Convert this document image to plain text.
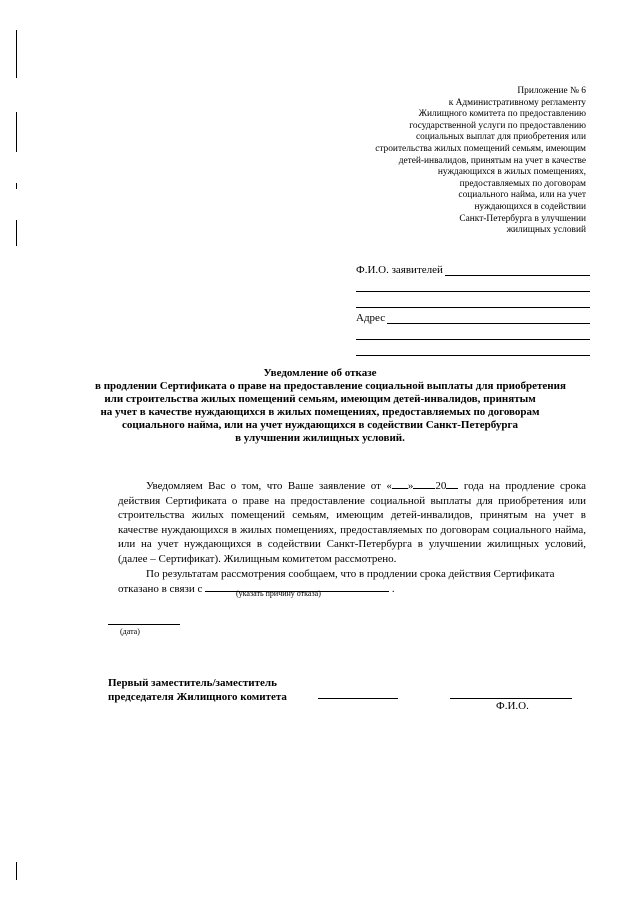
Приложение № 6
к Административному регламенту
Жилищного комитета по предоставлению
государственной услуги по предоставлению
социальных выплат для приобретения или
строительства жилых помещений семьям, имеющим
детей-инвалидов, принятым на учет в качестве
нуждающихся в жилых помещениях,
предоставляемых по договорам
социального найма, или на учет
нуждающихся в содействии
Санкт-Петербурга в улучшении
жилищных условий
Ф.И.О. заявителей
Адрес
Уведомление об отказе
в продлении Сертификата о праве на предоставление социальной выплаты для приобретения
или строительства жилых помещений семьям, имеющим детей-инвалидов, принятым
на учет в качестве нуждающихся в жилых помещениях, предоставляемых по договорам
социального найма, или на учет нуждающихся в содействии Санкт-Петербурга
в улучшении жилищных условий.

Уведомляем Вас о том, что Ваше заявление от « » 20 года на продление срока действия Сертификата о праве на предоставление социальной выплаты для приобретения или строительства жилых помещений семьям, имеющим детей-инвалидов, принятым на учет в качестве нуждающихся в жилых помещениях, предоставляемых по договорам социального найма, или на учет нуждающихся в содействии Санкт-Петербурга в улучшении жилищных условий, (далее – Сертификат). Жилищным комитетом рассмотрено.

По результатам рассмотрения сообщаем, что в продлении срока действия Сертификата

отказано в связи с	.
(указать причину отказа)
(дата)
Первый заместитель/заместитель
председателя Жилищного комитета
Ф.И.О.
